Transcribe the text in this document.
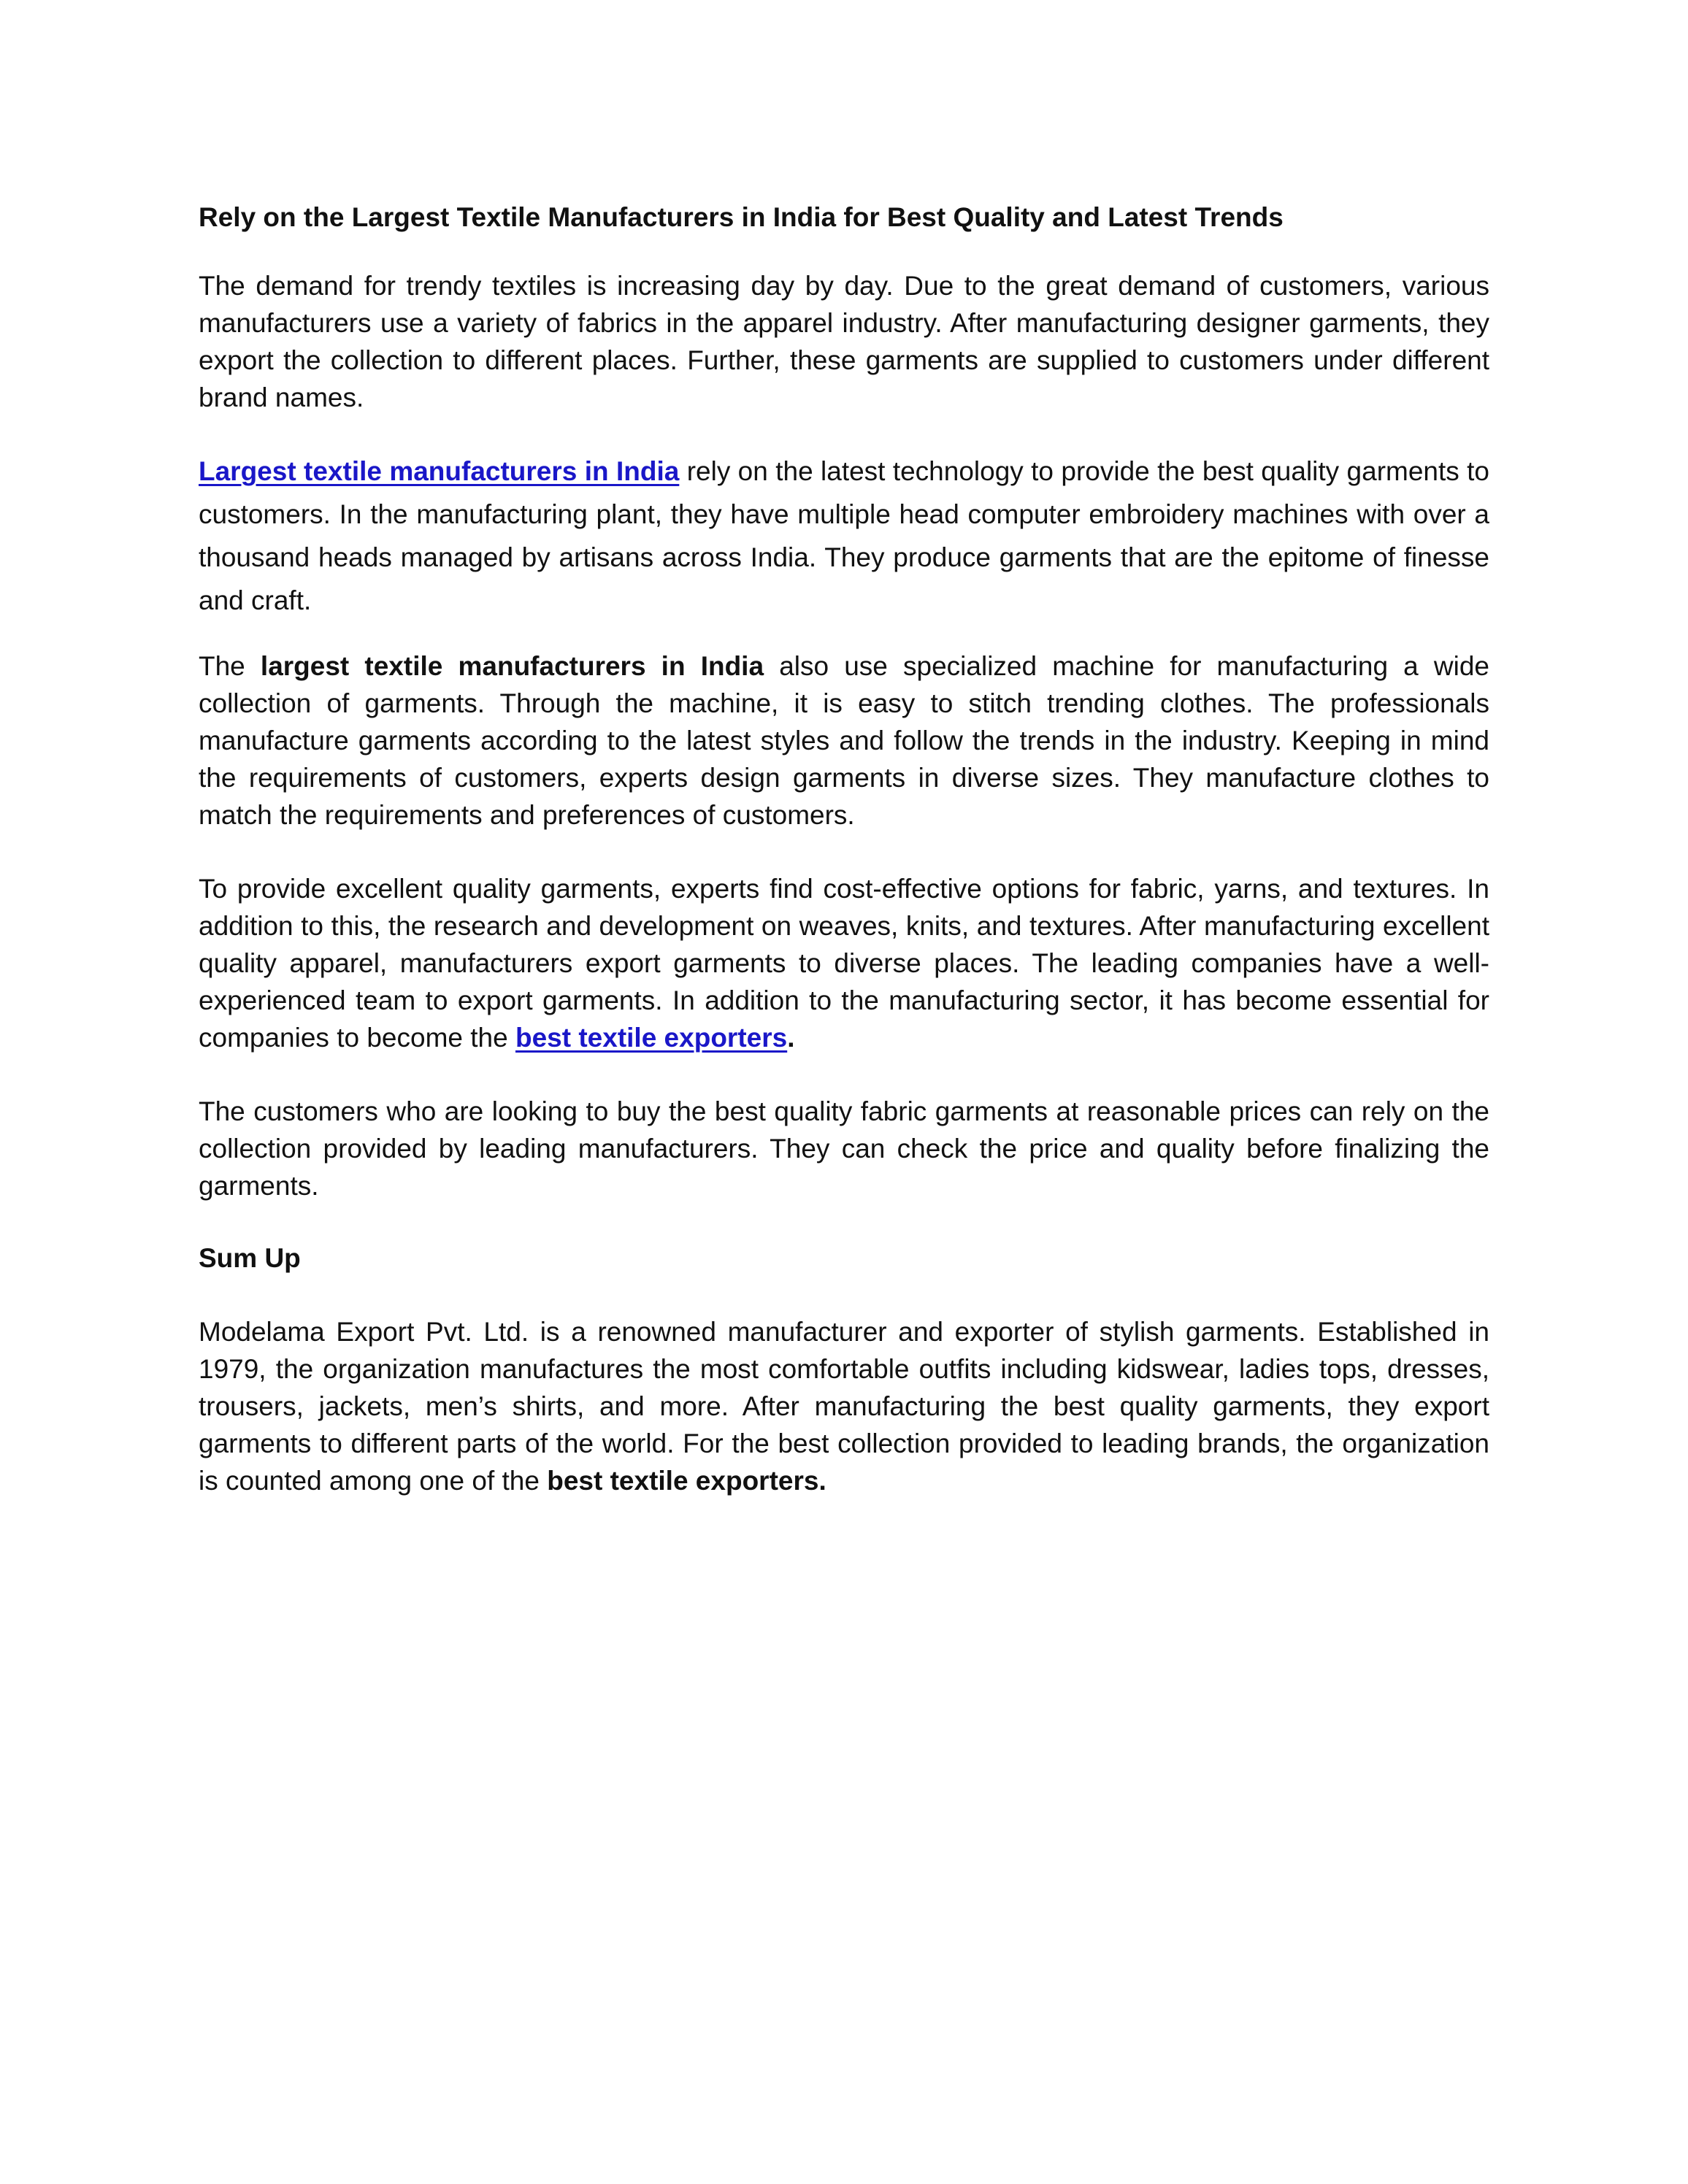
Rely on the Largest Textile Manufacturers in India for Best Quality and Latest Trends

The demand for trendy textiles is increasing day by day. Due to the great demand of customers, various manufacturers use a variety of fabrics in the apparel industry. After manufacturing designer garments, they export the collection to different places. Further, these garments are supplied to customers under different brand names.

Largest textile manufacturers in India rely on the latest technology to provide the best quality garments to customers. In the manufacturing plant, they have multiple head computer embroidery machines with over a thousand heads managed by artisans across India. They produce garments that are the epitome of finesse and craft.

The largest textile manufacturers in India also use specialized machine for manufacturing a wide collection of garments. Through the machine, it is easy to stitch trending clothes. The professionals manufacture garments according to the latest styles and follow the trends in the industry. Keeping in mind the requirements of customers, experts design garments in diverse sizes. They manufacture clothes to match the requirements and preferences of customers.

To provide excellent quality garments, experts find cost-effective options for fabric, yarns, and textures. In addition to this, the research and development on weaves, knits, and textures. After manufacturing excellent quality apparel, manufacturers export garments to diverse places. The leading companies have a well-experienced team to export garments. In addition to the manufacturing sector, it has become essential for companies to become the best textile exporters.

The customers who are looking to buy the best quality fabric garments at reasonable prices can rely on the collection provided by leading manufacturers. They can check the price and quality before finalizing the garments.

Sum Up

Modelama Export Pvt. Ltd. is a renowned manufacturer and exporter of stylish garments. Established in 1979, the organization manufactures the most comfortable outfits including kidswear, ladies tops, dresses, trousers, jackets, men’s shirts, and more. After manufacturing the best quality garments, they export garments to different parts of the world. For the best collection provided to leading brands, the organization is counted among one of the best textile exporters.
